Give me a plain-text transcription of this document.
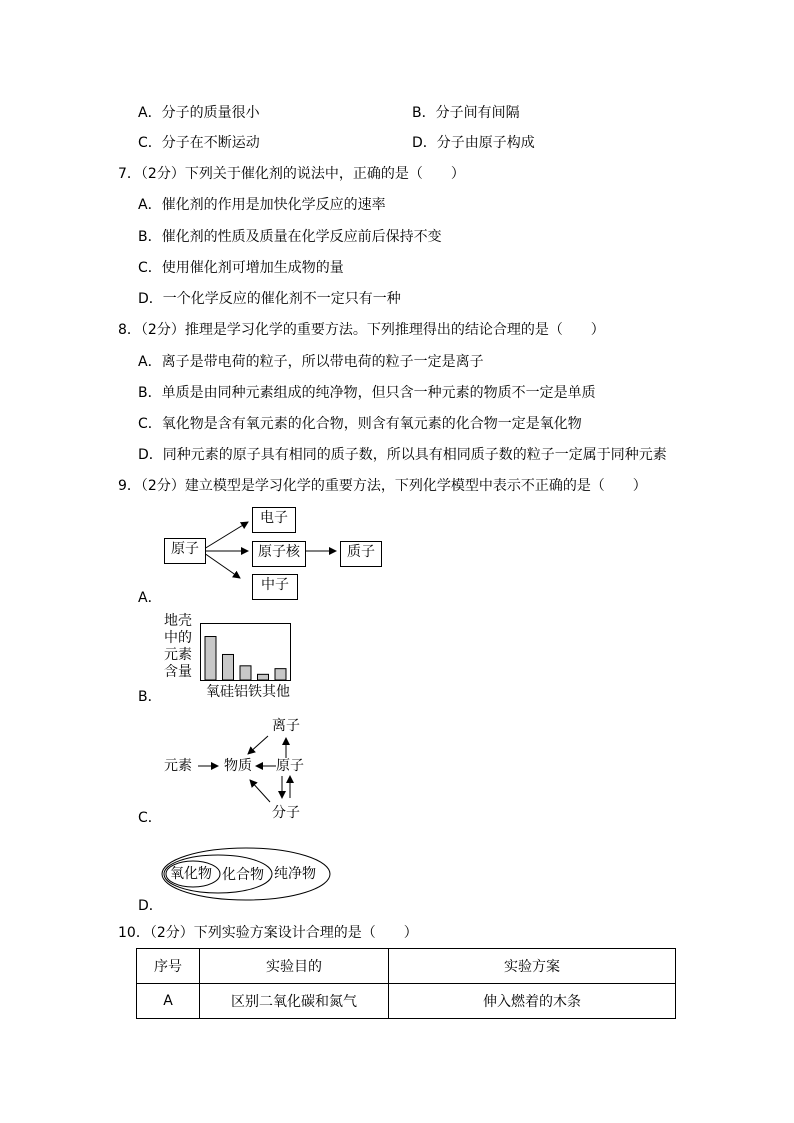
A．分子的质量很小	B．分子间有间隔
C．分子在不断运动	D．分子由原子构成
7．（2分）下列关于催化剂的说法中，正确的是（　　）
A．催化剂的作用是加快化学反应的速率
B．催化剂的性质及质量在化学反应前后保持不变
C．使用催化剂可增加生成物的量
D．一个化学反应的催化剂不一定只有一种
8．（2分）推理是学习化学的重要方法。下列推理得出的结论合理的是（　　）
A．离子是带电荷的粒子，所以带电荷的粒子一定是离子
B．单质是由同种元素组成的纯净物，但只含一种元素的物质不一定是单质
C．氧化物是含有氧元素的化合物，则含有氧元素的化合物一定是氧化物
D．同种元素的原子具有相同的质子数，所以具有相同质子数的粒子一定属于同种元素
9．（2分）建立模型是学习化学的重要方法，下列化学模型中表示不正确的是（　　）
原子
电子
原子核	质子
中子
A．
地壳
中的
元素
含量
氧硅铝铁其他
B．
元素 物质
离子
原子
分子
C．
氧化物 化合物 纯净物
D．
10．（2分）下列实验方案设计合理的是（　　）
序号	实验目的	实验方案
A	区别二氧化碳和氮气	伸入燃着的木条
